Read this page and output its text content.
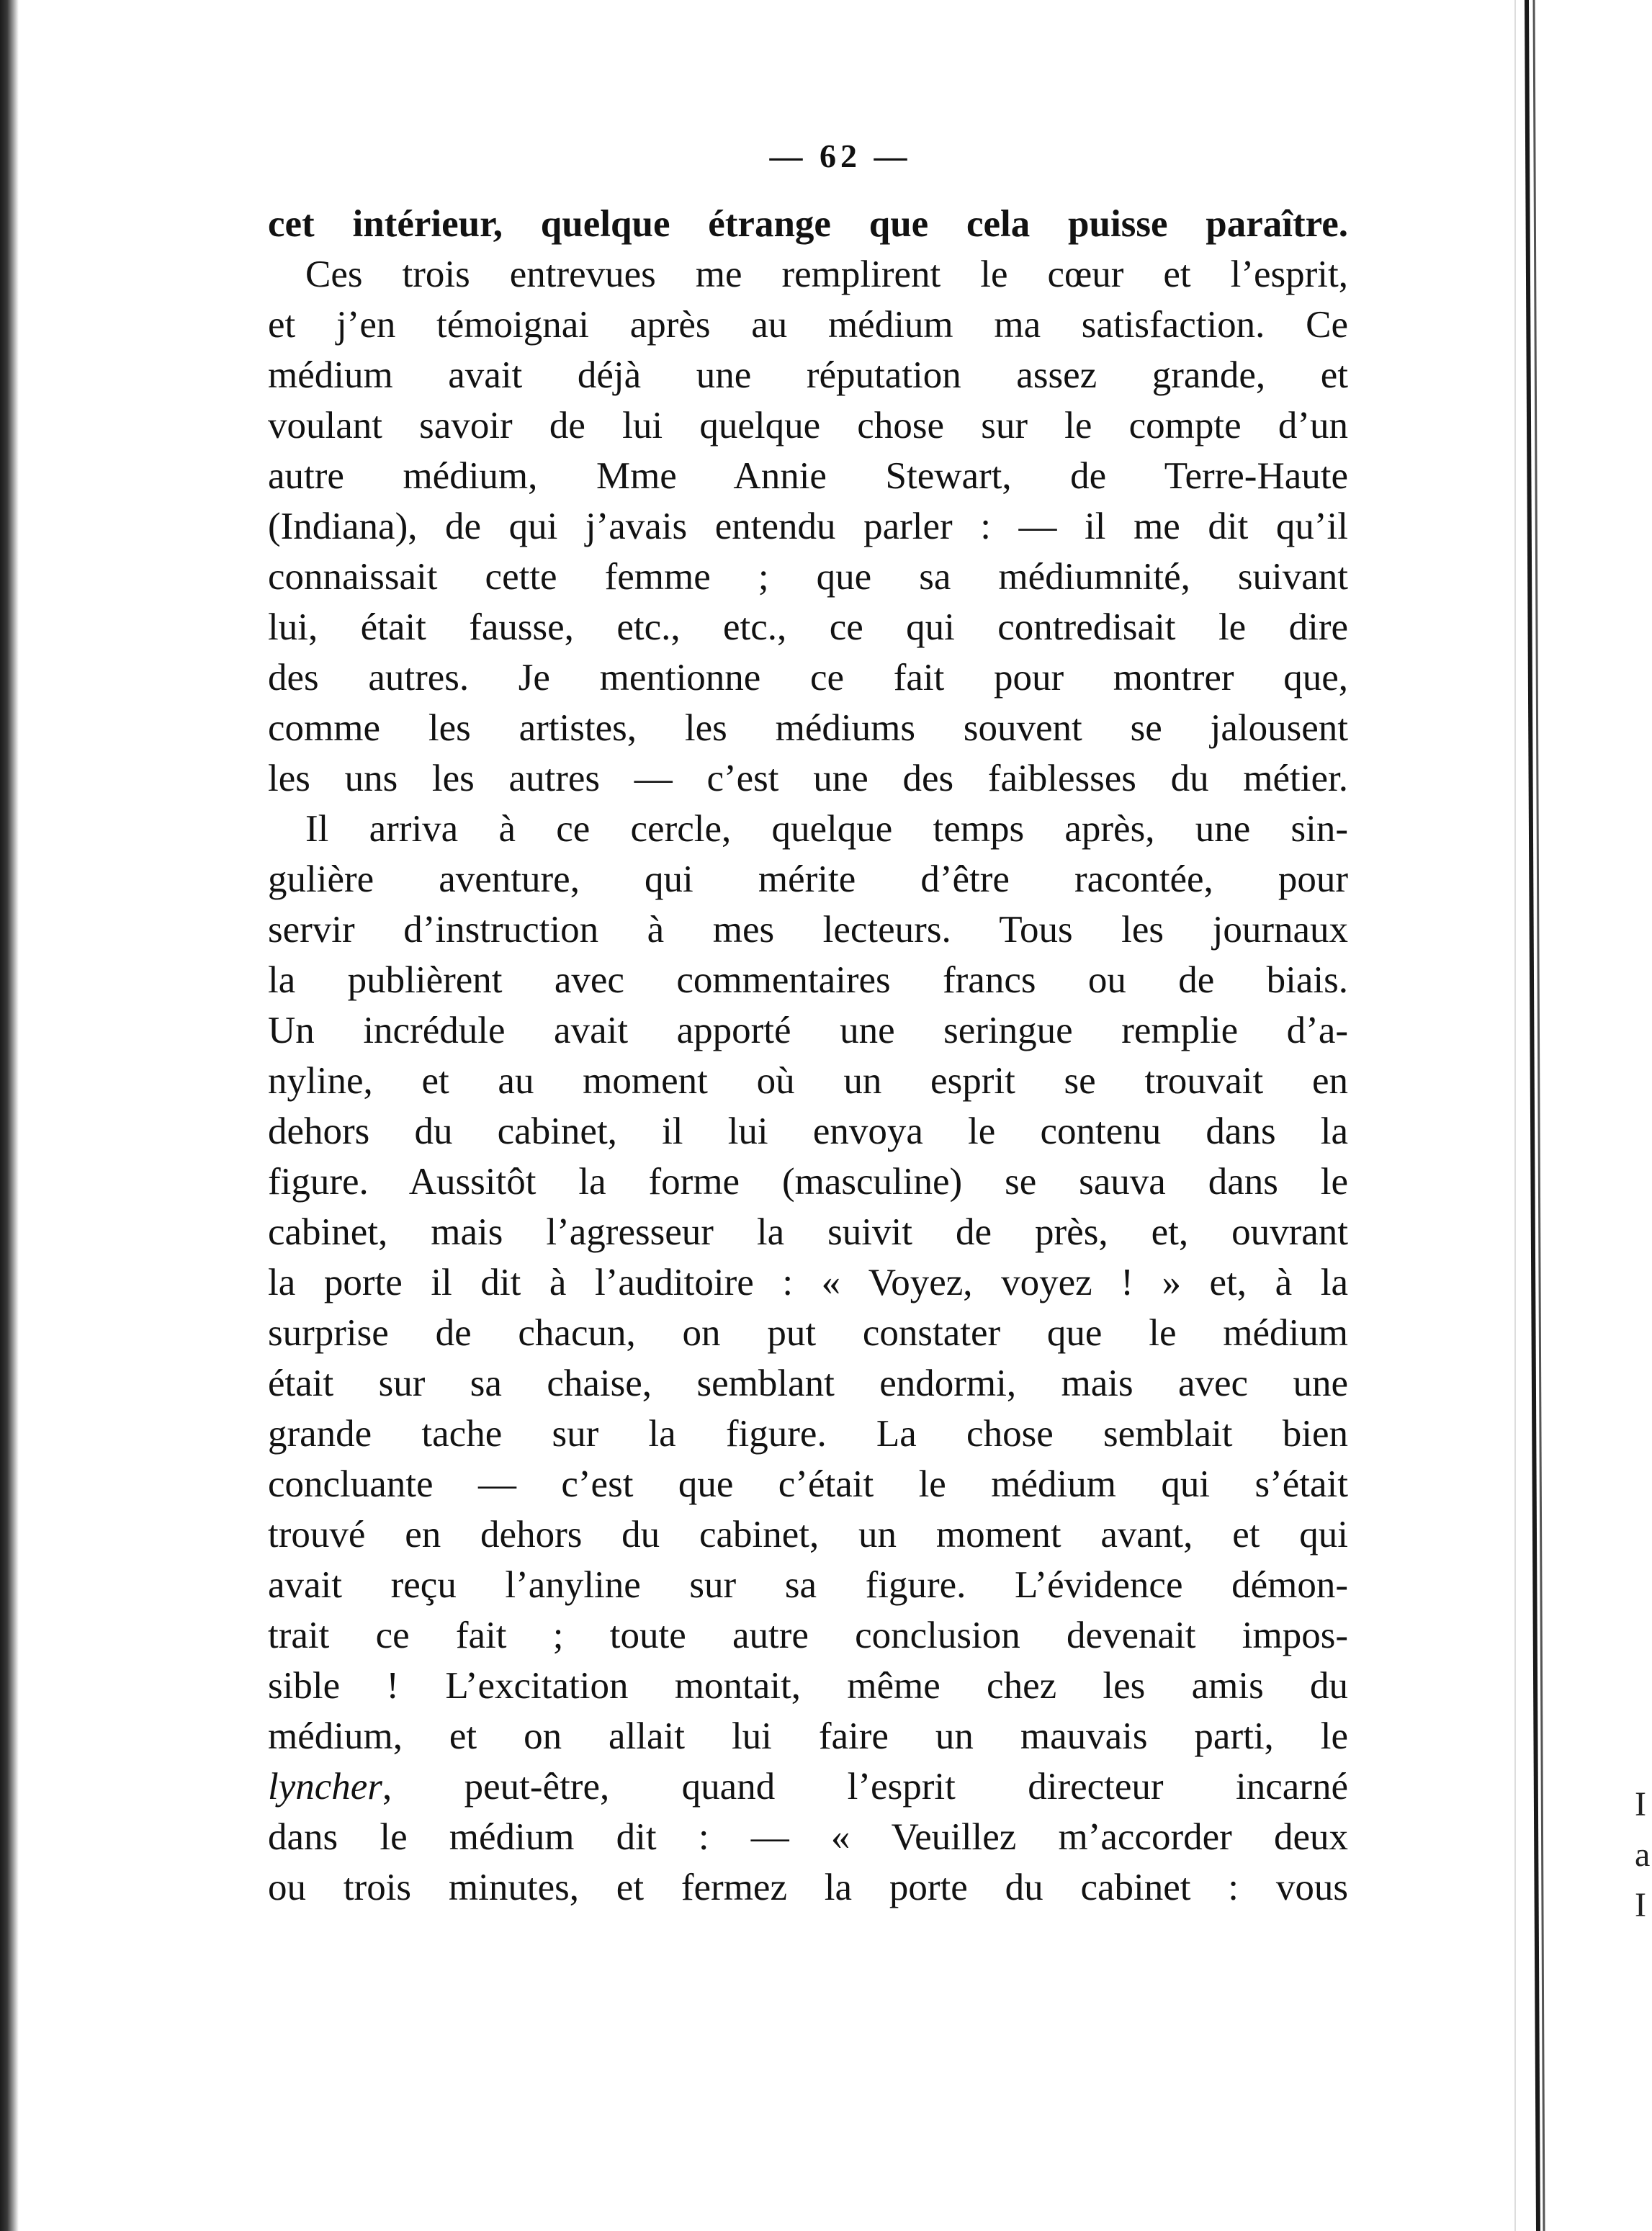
I
a
I
— 62 —
cet intérieur, quelque étrange que cela puisse paraître.
Ces trois entrevues me remplirent le cœur et l’esprit,
et j’en témoignai après au médium ma satisfaction. Ce
médium avait déjà une réputation assez grande, et
voulant savoir de lui quelque chose sur le compte d’un
autre médium, Mme Annie Stewart, de Terre-Haute
(Indiana), de qui j’avais entendu parler : — il me dit qu’il
connaissait cette femme ; que sa médiumnité, suivant
lui, était fausse, etc., etc., ce qui contredisait le dire
des autres. Je mentionne ce fait pour montrer que,
comme les artistes, les médiums souvent se jalousent
les uns les autres — c’est une des faiblesses du métier.
Il arriva à ce cercle, quelque temps après, une sin-
gulière aventure, qui mérite d’être racontée, pour
servir d’instruction à mes lecteurs. Tous les journaux
la publièrent avec commentaires francs ou de biais.
Un incrédule avait apporté une seringue remplie d’a-
nyline, et au moment où un esprit se trouvait en
dehors du cabinet, il lui envoya le contenu dans la
figure. Aussitôt la forme (masculine) se sauva dans le
cabinet, mais l’agresseur la suivit de près, et, ouvrant
la porte il dit à l’auditoire : « Voyez, voyez ! » et, à la
surprise de chacun, on put constater que le médium
était sur sa chaise, semblant endormi, mais avec une
grande tache sur la figure. La chose semblait bien
concluante — c’est que c’était le médium qui s’était
trouvé en dehors du cabinet, un moment avant, et qui
avait reçu l’anyline sur sa figure. L’évidence démon-
trait ce fait ; toute autre conclusion devenait impos-
sible ! L’excitation montait, même chez les amis du
médium, et on allait lui faire un mauvais parti, le
lyncher, peut-être, quand l’esprit directeur incarné
dans le médium dit : — « Veuillez m’accorder deux
ou trois minutes, et fermez la porte du cabinet : vous
